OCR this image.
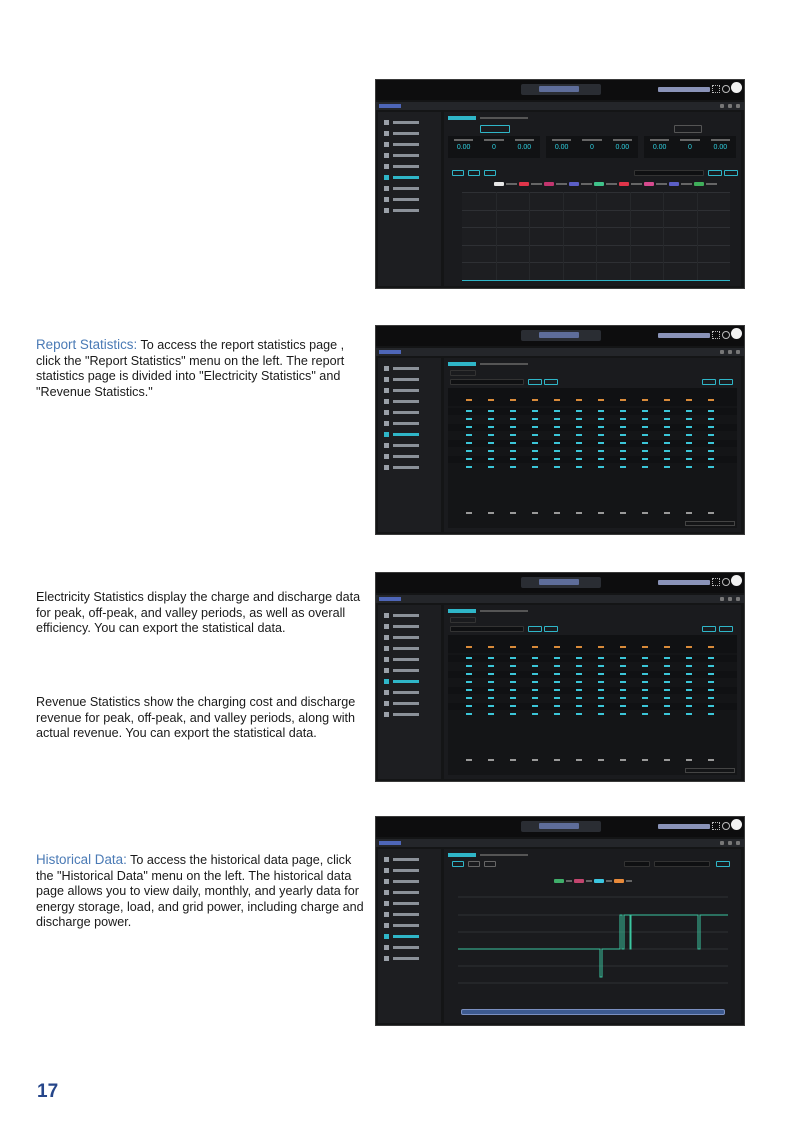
Report Statistics: To access the report statistics page , click the "Report Statistics" menu on the left. The report statistics page is divided into "Electricity Statistics" and "Revenue Statistics."
Electricity Statistics display the charge and discharge data for peak, off-peak, and valley periods, as well as overall efficiency. You can export the statistical data.
Revenue Statistics show the charging cost and discharge revenue for peak, off-peak, and valley periods, along with actual revenue. You can export the statistical data.
Historical Data: To access the historical data page, click the "Historical Data" menu on the left. The historical data page allows you to view daily, monthly, and yearly data for energy storage, load, and grid power, including charge and discharge power.
17
0.00	0	0.00	0.00	0	0.00	0.00	0	0.00
